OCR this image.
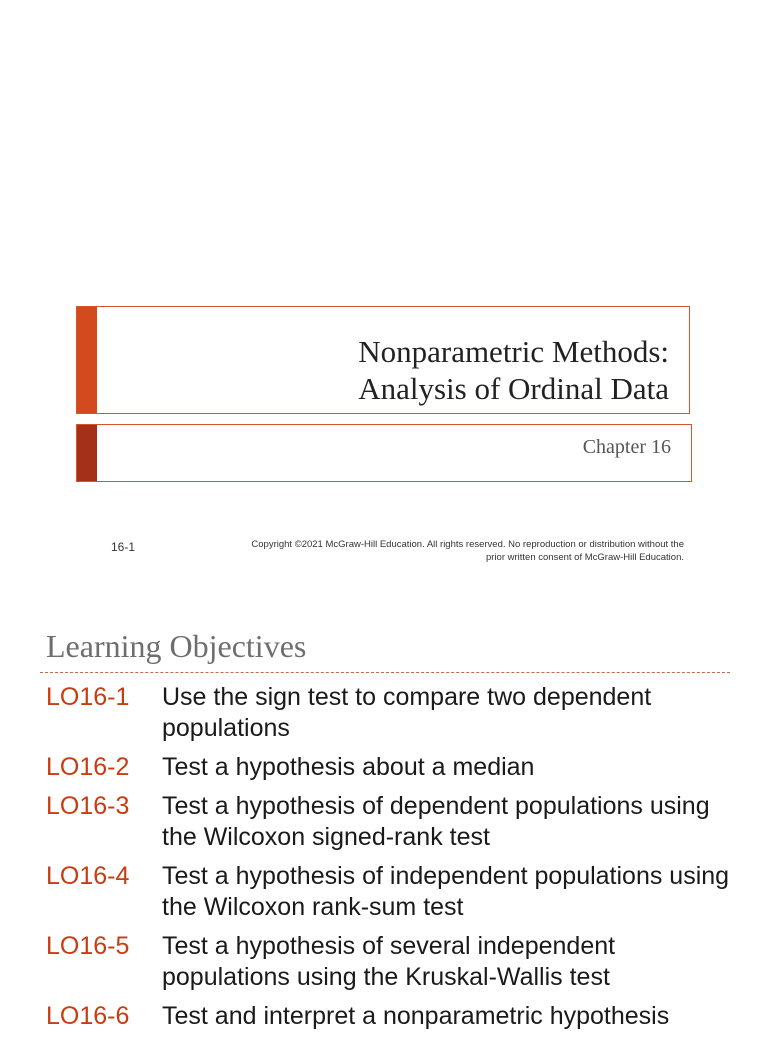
Nonparametric Methods:
Analysis of Ordinal Data
Chapter 16
16-1	Copyright ©2021 McGraw-Hill Education. All rights reserved. No reproduction or distribution without the
prior written consent of McGraw-Hill Education.
Learning Objectives
LO16-1	Use the sign test to compare two dependent populations
LO16-2	Test a hypothesis about a median
LO16-3	Test a hypothesis of dependent populations using the Wilcoxon signed-rank test
LO16-4	Test a hypothesis of independent populations using the Wilcoxon rank-sum test
LO16-5	Test a hypothesis of several independent populations using the Kruskal-Wallis test
LO16-6	Test and interpret a nonparametric hypothesis
